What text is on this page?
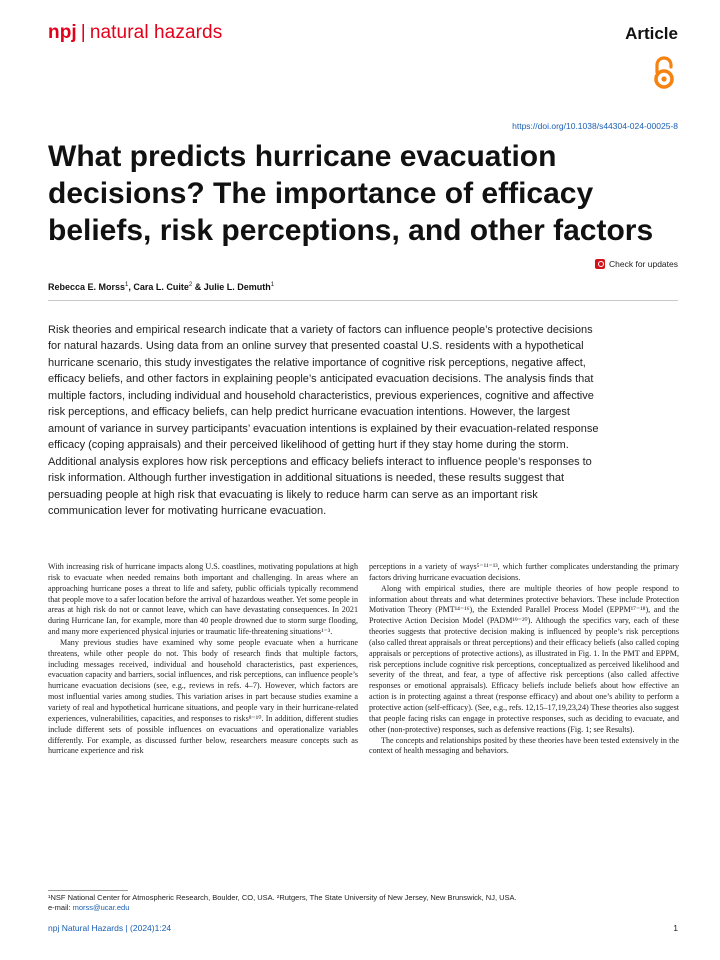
npj | natural hazards	Article
https://doi.org/10.1038/s44304-024-00025-8
What predicts hurricane evacuation decisions? The importance of efficacy beliefs, risk perceptions, and other factors
Check for updates
Rebecca E. Morss$^1$, Cara L. Cuite$^2$ & Julie L. Demuth$^1$

Risk theories and empirical research indicate that a variety of factors can influence people’s protective decisions for natural hazards. Using data from an online survey that presented coastal U.S. residents with a hypothetical hurricane scenario, this study investigates the relative importance of cognitive risk perceptions, negative affect, efficacy beliefs, and other factors in explaining people’s anticipated evacuation decisions. The analysis finds that multiple factors, including individual and household characteristics, previous experiences, cognitive and affective risk perceptions, and efficacy beliefs, can help predict hurricane evacuation intentions. However, the largest amount of variance in survey participants’ evacuation intentions is explained by their evacuation-related response efficacy (coping appraisals) and their perceived likelihood of getting hurt if they stay home during the storm. Additional analysis explores how risk perceptions and efficacy beliefs interact to influence people’s responses to risk information. Although further investigation in additional situations is needed, these results suggest that persuading people at high risk that evacuating is likely to reduce harm can serve as an important risk communication lever for motivating hurricane evacuation.

With increasing risk of hurricane impacts along U.S. coastlines, motivating populations at high risk to evacuate when needed remains both important and challenging. In areas where an approaching hurricane poses a threat to life and safety, public officials typically recommend that people move to a safer location before the arrival of hazardous weather. Yet some people in areas at high risk do not or cannot leave, which can have devastating consequences. In 2021 during Hurricane Ian, for example, more than 40 people drowned due to storm surge flooding, and many more experienced physical injuries or traumatic life-threatening situations¹⁻³.

Many previous studies have examined why some people evacuate when a hurricane threatens, while other people do not. This body of research finds that multiple factors, including messages received, individual and household characteristics, past experiences, evacuation capacity and barriers, social influences, and risk perceptions, can influence people’s hurricane evacuation decisions (see, e.g., reviews in refs. 4–7). However, which factors are most influential varies among studies. This variation arises in part because studies examine a variety of real and hypothetical hurricane situations, and people vary in their hurricane-related experiences, vulnerabilities, capacities, and responses to risks⁸⁻¹⁰. In addition, different studies include different sets of possible influences on evacuations and operationalize variables differently. For example, as discussed further below, researchers measure concepts such as hurricane experience and risk

perceptions in a variety of ways⁵⁻¹¹⁻¹³, which further complicates understanding the primary factors driving hurricane evacuation decisions.

Along with empirical studies, there are multiple theories of how people respond to information about threats and what determines protective behaviors. These include Protection Motivation Theory (PMT¹⁴⁻¹⁶), the Extended Parallel Process Model (EPPM¹⁷⁻¹⁸), and the Protective Action Decision Model (PADM¹⁹⁻²⁰). Although the specifics vary, each of these theories suggests that protective decision making is influenced by people’s risk perceptions (also called threat appraisals or threat perceptions) and their efficacy beliefs (also called coping appraisals or perceptions of protective actions), as illustrated in Fig. 1. In the PMT and EPPM, risk perceptions include cognitive risk perceptions, conceptualized as perceived likelihood and severity of the threat, and fear, a type of affective risk perceptions (also called affective responses or emotional appraisals). Efficacy beliefs include beliefs about how effective an action is in protecting against a threat (response efficacy) and about one’s ability to perform a protective action (self-efficacy). (See, e.g., refs. 12,15–17,19,23,24) These theories also suggest that people facing risks can engage in protective responses, such as deciding to evacuate, and other (non-protective) responses, such as defensive reactions (Fig. 1; see Results).

The concepts and relationships posited by these theories have been tested extensively in the context of health messaging and behaviors.

¹NSF National Center for Atmospheric Research, Boulder, CO, USA. ²Rutgers, The State University of New Jersey, New Brunswick, NJ, USA.
e-mail: morss@ucar.edu
npj Natural Hazards | (2024)1:24	1
